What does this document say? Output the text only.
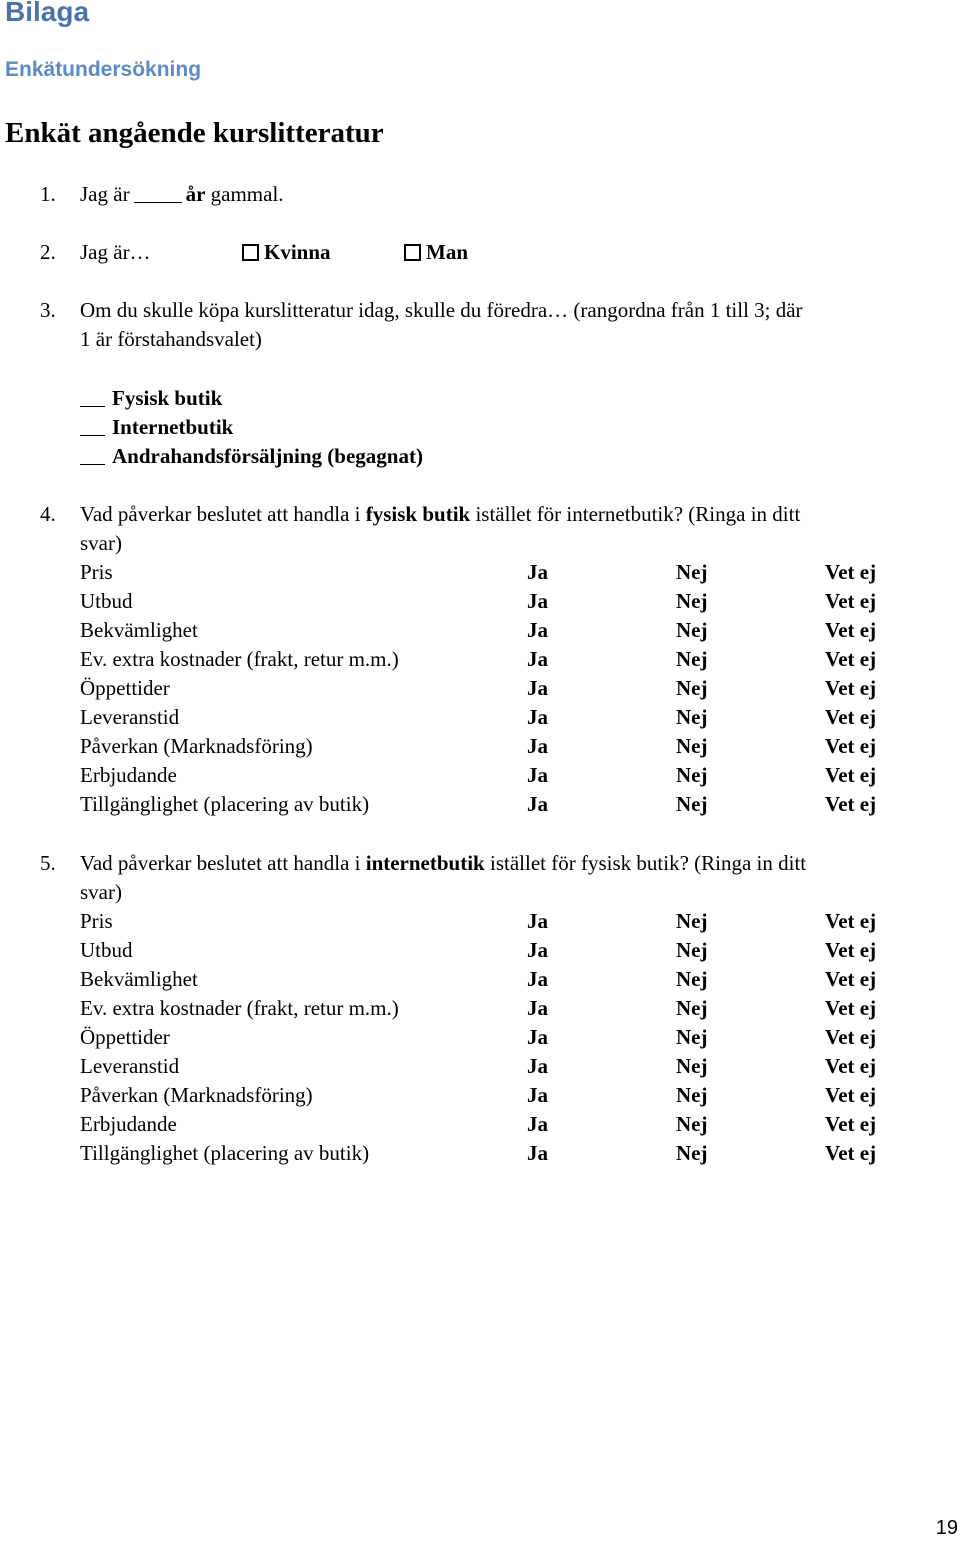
Bilaga
Enkätundersökning
Enkät angående kurslitteratur
1. Jag är	år gammal.
2. Jag är…	Kvinna	Man
3. Om du skulle köpa kurslitteratur idag, skulle du föredra… (rangordna från 1 till 3; där
1 är förstahandsvalet)
Fysisk butik
Internetbutik
Andrahandsförsäljning (begagnat)
4. Vad påverkar beslutet att handla i fysisk butik istället för internetbutik? (Ringa in ditt
svar)
Pris	Ja	Nej	Vet ej
Utbud	Ja	Nej	Vet ej
Bekvämlighet	Ja	Nej	Vet ej
Ev. extra kostnader (frakt, retur m.m.)	Ja	Nej	Vet ej
Öppettider	Ja	Nej	Vet ej
Leveranstid	Ja	Nej	Vet ej
Påverkan (Marknadsföring)	Ja	Nej	Vet ej
Erbjudande	Ja	Nej	Vet ej
Tillgänglighet (placering av butik)	Ja	Nej	Vet ej
5. Vad påverkar beslutet att handla i internetbutik istället för fysisk butik? (Ringa in ditt
svar)
Pris	Ja	Nej	Vet ej
Utbud	Ja	Nej	Vet ej
Bekvämlighet	Ja	Nej	Vet ej
Ev. extra kostnader (frakt, retur m.m.)	Ja	Nej	Vet ej
Öppettider	Ja	Nej	Vet ej
Leveranstid	Ja	Nej	Vet ej
Påverkan (Marknadsföring)	Ja	Nej	Vet ej
Erbjudande	Ja	Nej	Vet ej
Tillgänglighet (placering av butik)	Ja	Nej	Vet ej
19
